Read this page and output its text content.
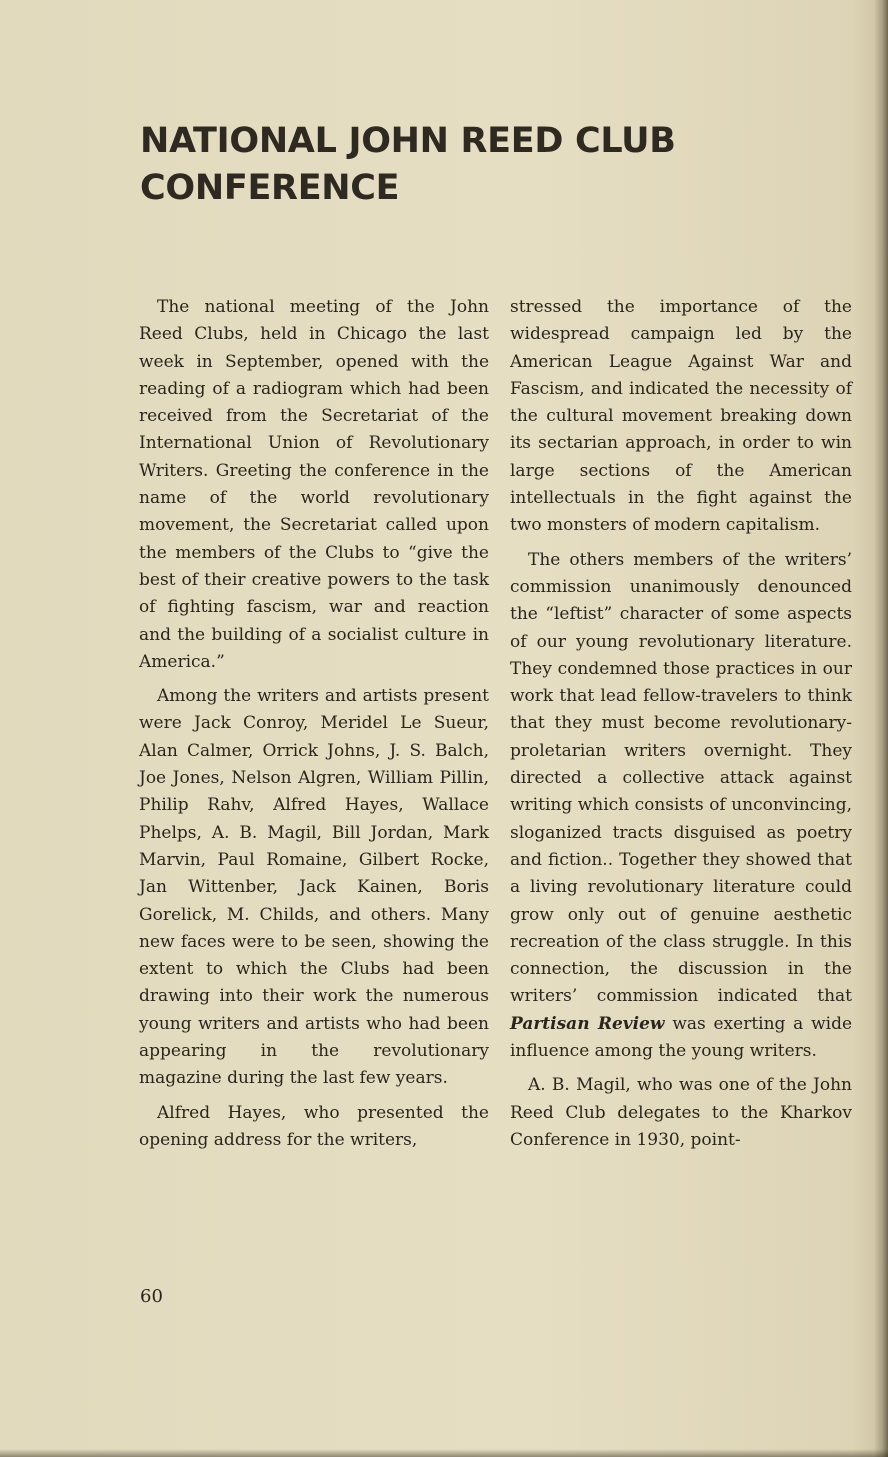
NATIONAL JOHN REED CLUB CONFERENCE

The national meeting of the John Reed Clubs, held in Chicago the last week in September, opened with the reading of a radiogram which had been received from the Secretariat of the International Union of Revolutionary Writers. Greeting the conference in the name of the world revolutionary movement, the Secretariat called upon the members of the Clubs to “give the best of their creative powers to the task of fighting fascism, war and reaction and the building of a socialist culture in America.”

Among the writers and artists present were Jack Conroy, Meridel Le Sueur, Alan Calmer, Orrick Johns, J. S. Balch, Joe Jones, Nelson Algren, William Pillin, Philip Rahv, Alfred Hayes, Wallace Phelps, A. B. Magil, Bill Jordan, Mark Marvin, Paul Romaine, Gilbert Rocke, Jan Wittenber, Jack Kainen, Boris Gorelick, M. Childs, and others. Many new faces were to be seen, showing the extent to which the Clubs had been drawing into their work the numerous young writers and artists who had been appearing in the revolutionary magazine during the last few years.

Alfred Hayes, who presented the opening address for the writers,

stressed the importance of the widespread campaign led by the American League Against War and Fascism, and indicated the necessity of the cultural movement breaking down its sectarian approach, in order to win large sections of the American intellectuals in the fight against the two monsters of modern capitalism.

The others members of the writers’ commission unanimously denounced the “leftist” character of some aspects of our young revolutionary literature. They condemned those practices in our work that lead fellow-travelers to think that they must become revolutionary-proletarian writers overnight. They directed a collective attack against writing which consists of unconvincing, sloganized tracts disguised as poetry and fiction.. Together they showed that a living revolutionary literature could grow only out of genuine aesthetic recreation of the class struggle. In this connection, the discussion in the writers’ commission indicated that Partisan Review was exerting a wide influence among the young writers.

A. B. Magil, who was one of the John Reed Club delegates to the Kharkov Conference in 1930, point-

60
